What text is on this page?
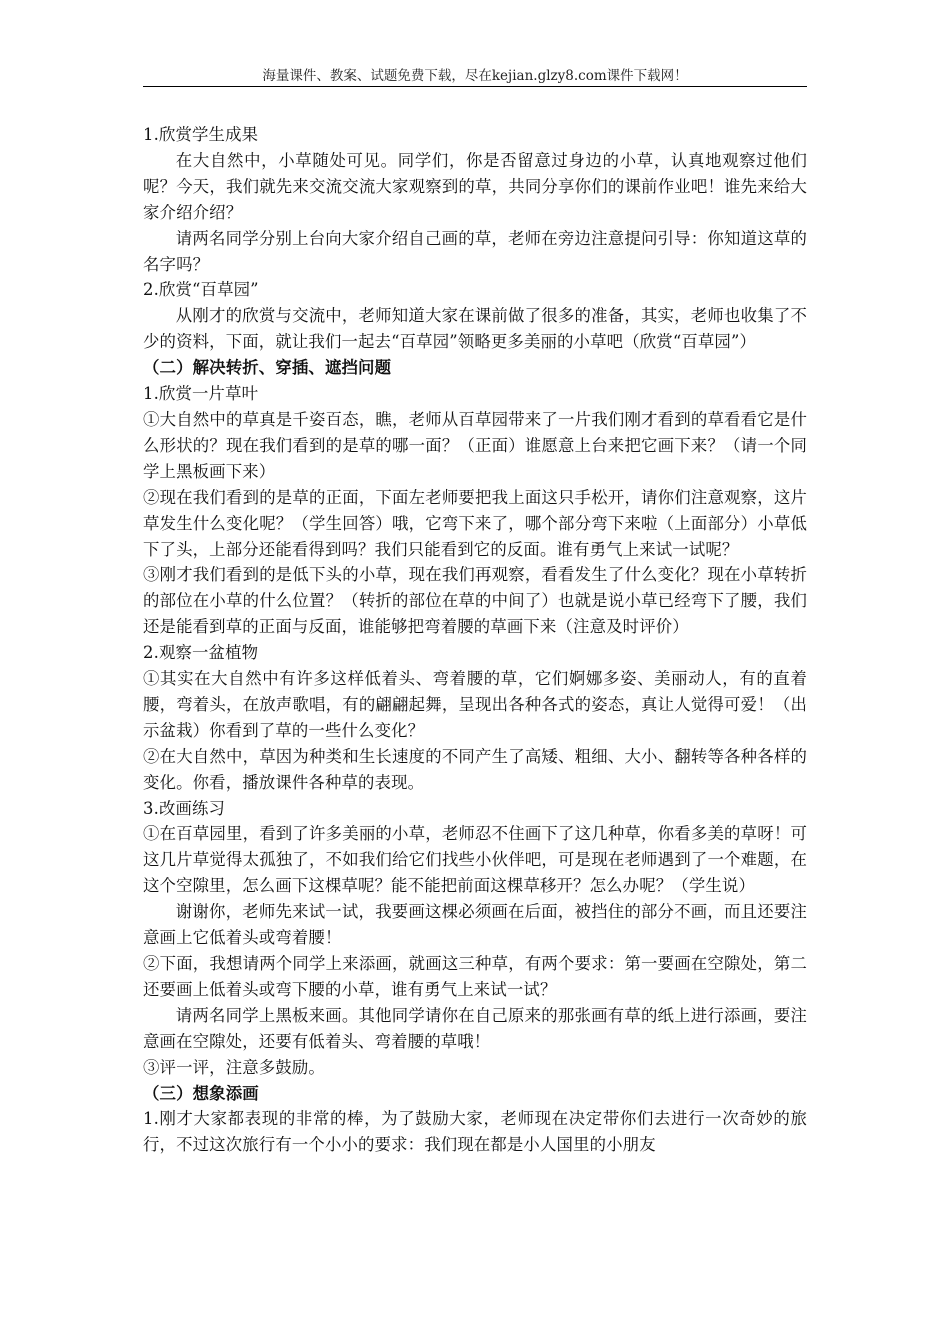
海量课件、教案、试题免费下载，尽在kejian.glzy8.com课件下载网！

1.欣赏学生成果

在大自然中，小草随处可见。同学们，你是否留意过身边的小草，认真地观察过他们呢？今天，我们就先来交流交流大家观察到的草，共同分享你们的课前作业吧！谁先来给大家介绍介绍？

请两名同学分别上台向大家介绍自己画的草，老师在旁边注意提问引导：你知道这草的名字吗？

2.欣赏“百草园”

从刚才的欣赏与交流中，老师知道大家在课前做了很多的准备，其实，老师也收集了不少的资料，下面，就让我们一起去“百草园”领略更多美丽的小草吧（欣赏“百草园”）

（二）解决转折、穿插、遮挡问题

1.欣赏一片草叶

①大自然中的草真是千姿百态，瞧，老师从百草园带来了一片我们刚才看到的草看看它是什么形状的？现在我们看到的是草的哪一面？（正面）谁愿意上台来把它画下来？（请一个同学上黑板画下来）

②现在我们看到的是草的正面，下面左老师要把我上面这只手松开，请你们注意观察，这片草发生什么变化呢？（学生回答）哦，它弯下来了，哪个部分弯下来啦（上面部分）小草低下了头，上部分还能看得到吗？我们只能看到它的反面。谁有勇气上来试一试呢？

③刚才我们看到的是低下头的小草，现在我们再观察，看看发生了什么变化？现在小草转折的部位在小草的什么位置？（转折的部位在草的中间了）也就是说小草已经弯下了腰，我们还是能看到草的正面与反面，谁能够把弯着腰的草画下来（注意及时评价）

2.观察一盆植物

①其实在大自然中有许多这样低着头、弯着腰的草，它们婀娜多姿、美丽动人，有的直着腰，弯着头，在放声歌唱，有的翩翩起舞，呈现出各种各式的姿态，真让人觉得可爱！（出示盆栽）你看到了草的一些什么变化？

②在大自然中，草因为种类和生长速度的不同产生了高矮、粗细、大小、翻转等各种各样的变化。你看，播放课件各种草的表现。

3.改画练习

①在百草园里，看到了许多美丽的小草，老师忍不住画下了这几种草，你看多美的草呀！可这几片草觉得太孤独了，不如我们给它们找些小伙伴吧，可是现在老师遇到了一个难题，在这个空隙里，怎么画下这棵草呢？能不能把前面这棵草移开？怎么办呢？（学生说）

谢谢你，老师先来试一试，我要画这棵必须画在后面，被挡住的部分不画，而且还要注意画上它低着头或弯着腰！

②下面，我想请两个同学上来添画，就画这三种草，有两个要求：第一要画在空隙处，第二还要画上低着头或弯下腰的小草，谁有勇气上来试一试？

请两名同学上黑板来画。其他同学请你在自己原来的那张画有草的纸上进行添画，要注意画在空隙处，还要有低着头、弯着腰的草哦！

③评一评，注意多鼓励。

（三）想象添画

1.刚才大家都表现的非常的棒，为了鼓励大家，老师现在决定带你们去进行一次奇妙的旅行，不过这次旅行有一个小小的要求：我们现在都是小人国里的小朋友
